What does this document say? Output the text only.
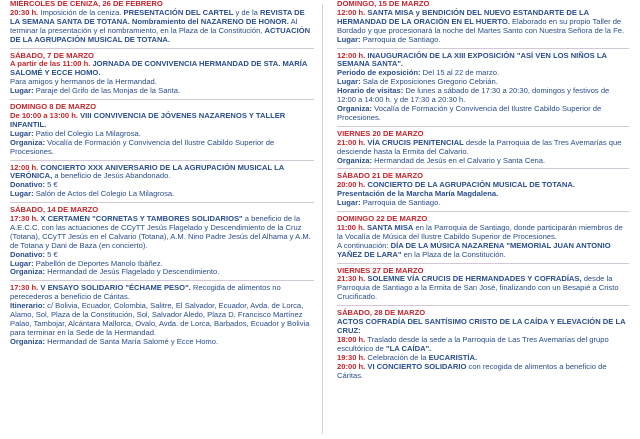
MIÉRCOLES DE CENIZA, 26 DE FEBRERO

20:30 h. Imposición de la ceniza. PRESENTACIÓN DEL CARTEL y de la REVISTA DE LA SEMANA SANTA DE TOTANA. Nombramiento del NAZARENO DE HONOR. Al terminar la presentación y el nombramiento, en la Plaza de la Constitución, ACTUACIÓN DE LA AGRUPACIÓN MUSICAL DE TOTANA.

SÁBADO, 7 DE MARZO

A partir de las 11:00 h. JORNADA DE CONVIVENCIA HERMANDAD DE STA. MARÍA SALOMÉ Y ECCE HOMO.

Para amigos y hermanos de la Hermandad.

Lugar: Paraje del Grifo de las Monjas de la Santa.

DOMINGO 8 DE MARZO

De 10:00 a 13:00 h. VIII CONVIVENCIA DE JÓVENES NAZARENOS Y TALLER INFANTIL.

Lugar: Patio del Colegio La Milagrosa.

Organiza: Vocalía de Formación y Convivencia del Ilustre Cabildo Superior de Procesiones.

12:00 h. CONCIERTO XXX ANIVERSARIO DE LA AGRUPACIÓN MUSICAL LA VERÓNICA, a beneficio de Jesús Abandonado.

Donativo: 5 €

Lugar: Salón de Actos del Colegio La Milagrosa.

SÁBADO, 14 DE MARZO

17:30 h. X CERTAMEN "CORNETAS Y TAMBORES SOLIDARIOS" a beneficio de la A.E.C.C. con las actuaciones de CCyTT Jesús Flagelado y Descendimiento de la Cruz (Totana), CCyTT Jesús en el Calvario (Totana), A.M. Nino Padre Jesús del Alhama y A.M. de Totana y Dani de Baza (en concierto).

Donativo: 5 €

Lugar: Pabellón de Deportes Manolo Ibáñez.

Organiza: Hermandad de Jesús Flagelado y Descendimiento.

17:30 h. V ENSAYO SOLIDARIO "ÉCHAME PESO". Recogida de alimentos no perecederos a beneficio de Cáritas.

Itinerario: c/ Bolivia, Ecuador, Colombia, Salitre, El Salvador, Ecuador, Avda. de Lorca, Alamo, Sol, Plaza de la Constitución, Sol, Salvador Aledo, Plaza D. Francisco Martínez Palao, Tambojar, Alcántara Mallorca, Ovalo, Avda. de Lorca, Barbados, Ecuador y Bolivia para terminar en la Sede de la Hermandad.

Organiza: Hermandad de Santa María Salomé y Ecce Homo.

DOMINGO, 15 DE MARZO

12:00 h. SANTA MISA y BENDICIÓN DEL NUEVO ESTANDARTE DE LA HERMANDAD DE LA ORACIÓN EN EL HUERTO. Elaborado en su propio Taller de Bordado y que procesionará la noche del Martes Santo con Nuestra Señora de la Fe.

Lugar: Parroquia de Santiago.

12:00 h. INAUGURACIÓN DE LA XIII EXPOSICIÓN "ASÍ VEN LOS NIÑOS LA SEMANA SANTA".

Periodo de exposición: Del 15 al 22 de marzo.

Lugar: Sala de Exposiciones Gregorio Cebrián.

Horario de visitas: De lunes a sábado de 17:30 a 20:30, domingos y festivos de 12:00 a 14:00 h. y de 17:30 a 20:30 h.

Organiza: Vocalía de Formación y Convivencia del Ilustre Cabildo Superior de Procesiones.

VIERNES 20 DE MARZO

21:00 h. VÍA CRUCIS PENITENCIAL desde la Parroquia de las Tres Avemarías que desciende hasta la Ermita del Calvario.

Organiza: Hermandad de Jesús en el Calvario y Santa Cena.

SÁBADO 21 DE MARZO

20:00 h. CONCIERTO DE LA AGRUPACIÓN MUSICAL DE TOTANA.

Presentación de la Marcha María Magdalena.

Lugar: Parroquia de Santiago.

DOMINGO 22 DE MARZO

11:00 h. SANTA MISA en la Parroquia de Santiago, donde participarán miembros de la Vocalía de Música del Ilustre Cabildo Superior de Procesiones.

A continuación: DÍA DE LA MÚSICA NAZARENA "MEMORIAL JUAN ANTONIO YAÑEZ DE LARA" en la Plaza de la Constitución.

VIERNES 27 DE MARZO

21:30 h. SOLEMNE VÍA CRUCIS DE HERMANDADES Y COFRADÍAS, desde la Parroquia de Santiago a la Ermita de San José, finalizando con un Besapié a Cristo Crucificado.

SÁBADO, 28 DE MARZO

ACTOS COFRADÍA DEL SANTÍSIMO CRISTO DE LA CAÍDA Y ELEVACIÓN DE LA CRUZ:

18:00 h. Traslado desde la sede a la Parroquia de Las Tres Avemarías del grupo escultórico de "LA CAÍDA".

19:30 h. Celebración de la EUCARISTÍA.

20:00 h. VI CONCIERTO SOLIDARIO con recogida de alimentos a beneficio de Cáritas.
